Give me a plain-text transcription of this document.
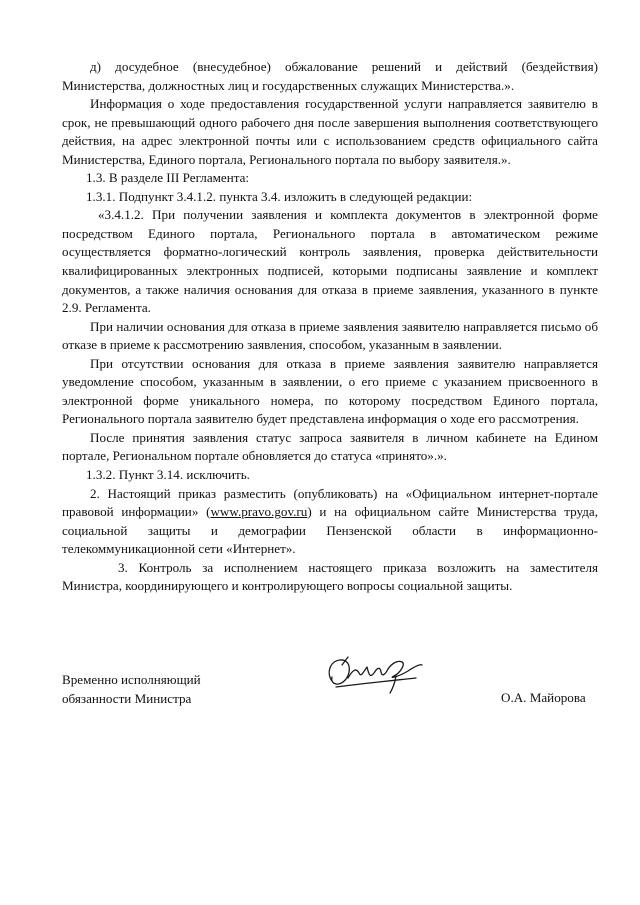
д) досудебное (внесудебное) обжалование решений и действий (бездействия) Министерства, должностных лиц и государственных служащих Министерства.».

Информация о ходе предоставления государственной услуги направляется заявителю в срок, не превышающий одного рабочего дня после завершения выполнения соответствующего действия, на адрес электронной почты или с использованием средств официального сайта Министерства, Единого портала, Регионального портала по выбору заявителя.».

1.3. В разделе III Регламента:

1.3.1. Подпункт 3.4.1.2. пункта 3.4. изложить в следующей редакции:

«3.4.1.2. При получении заявления и комплекта документов в электронной форме посредством Единого портала, Регионального портала в автоматическом режиме осуществляется форматно-логический контроль заявления, проверка действительности квалифицированных электронных подписей, которыми подписаны заявление и комплект документов, а также наличия основания для отказа в приеме заявления, указанного в пункте 2.9. Регламента.

При наличии основания для отказа в приеме заявления заявителю направляется письмо об отказе в приеме к рассмотрению заявления, способом, указанным в заявлении.

При отсутствии основания для отказа в приеме заявления заявителю направляется уведомление способом, указанным в заявлении, о его приеме с указанием присвоенного в электронной форме уникального номера, по которому посредством Единого портала, Регионального портала заявителю будет представлена информация о ходе его рассмотрения.

После принятия заявления статус запроса заявителя в личном кабинете на Едином портале, Региональном портале обновляется до статуса «принято».».

1.3.2. Пункт 3.14. исключить.

2. Настоящий приказ разместить (опубликовать) на «Официальном интернет-портале правовой информации» (www.pravo.gov.ru) и на официальном сайте Министерства труда, социальной защиты и демографии Пензенской области в информационно-телекоммуникационной сети «Интернет».

3. Контроль за исполнением настоящего приказа возложить на заместителя Министра, координирующего и контролирующего вопросы социальной защиты.

Временно исполняющий
обязанности Министра	О.А. Майорова
